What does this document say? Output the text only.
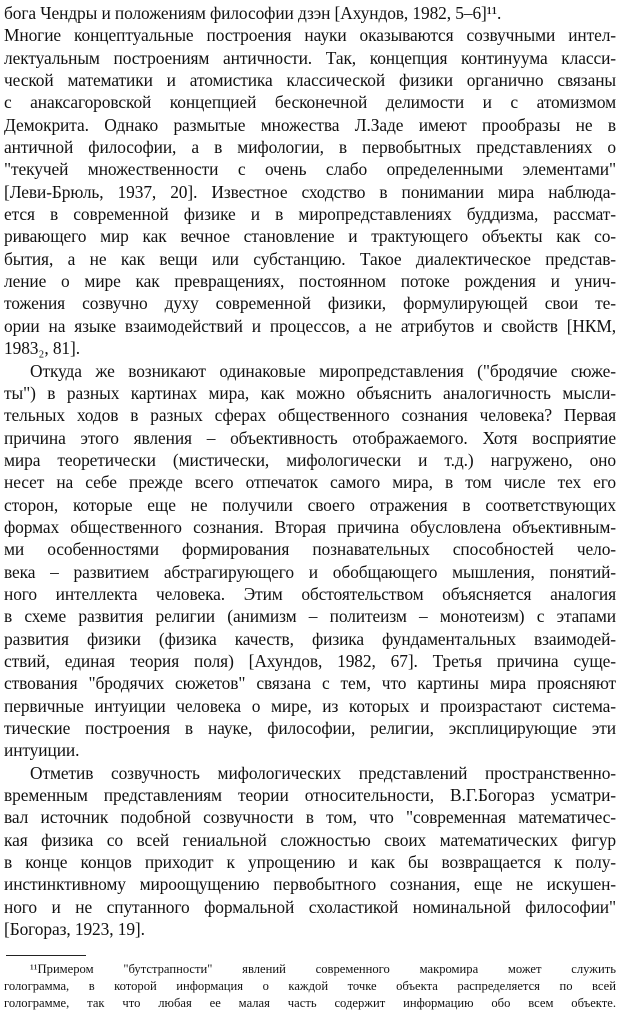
бога Чендры и положениям философии дзэн [Ахундов, 1982, 5–6]¹¹.
Многие концептуальные построения науки оказываются созвучными интел-
лектуальным построениям античности. Так, концепция континуума класси-
ческой математики и атомистика классической физики органично связаны
с анаксагоровской концепцией бесконечной делимости и с атомизмом
Демокрита. Однако размытые множества Л.Заде имеют прообразы не в
античной философии, а в мифологии, в первобытных представлениях о
"текучей множественности с очень слабо определенными элементами"
[Леви-Брюль, 1937, 20]. Известное сходство в понимании мира наблюда-
ется в современной физике и в миропредставлениях буддизма, рассмат-
ривающего мир как вечное становление и трактующего объекты как со-
бытия, а не как вещи или субстанцию. Такое диалектическое представ-
ление о мире как превращениях, постоянном потоке рождения и унич-
тожения созвучно духу современной физики, формулирующей свои те-
ории на языке взаимодействий и процессов, а не атрибутов и свойств [НКМ,
1983₂, 81].
Откуда же возникают одинаковые миропредставления ("бродячие сюже-
ты") в разных картинах мира, как можно объяснить аналогичность мысли-
тельных ходов в разных сферах общественного сознания человека? Первая
причина этого явления – объективность отображаемого. Хотя восприятие
мира теоретически (мистически, мифологически и т.д.) нагружено, оно
несет на себе прежде всего отпечаток самого мира, в том числе тех его
сторон, которые еще не получили своего отражения в соответствующих
формах общественного сознания. Вторая причина обусловлена объективным-
ми особенностями формирования познавательных способностей чело-
века – развитием абстрагирующего и обобщающего мышления, понятий-
ного интеллекта человека. Этим обстоятельством объясняется аналогия
в схеме развития религии (анимизм – политеизм – монотеизм) с этапами
развития физики (физика качеств, физика фундаментальных взаимодей-
ствий, единая теория поля) [Ахундов, 1982, 67]. Третья причина суще-
ствования "бродячих сюжетов" связана с тем, что картины мира проясняют
первичные интуиции человека о мире, из которых и произрастают система-
тические построения в науке, философии, религии, эксплицирующие эти
интуиции.
Отметив созвучность мифологических представлений пространственно-
временным представлениям теории относительности, В.Г.Богораз усматри-
вал источник подобной созвучности в том, что "современная математичес-
кая физика со всей гениальной сложностью своих математических фигур
в конце концов приходит к упрощению и как бы возвращается к полу-
инстинктивному мироощущению первобытного сознания, еще не искушен-
ного и не спутанного формальной схоластикой номинальной философии"
[Богораз, 1923, 19].
¹¹Примером "бутстрапности" явлений современного макромира может служить
голограмма, в которой информация о каждой точке объекта распределяется по всей
голограмме, так что любая ее малая часть содержит информацию обо всем объекте.
